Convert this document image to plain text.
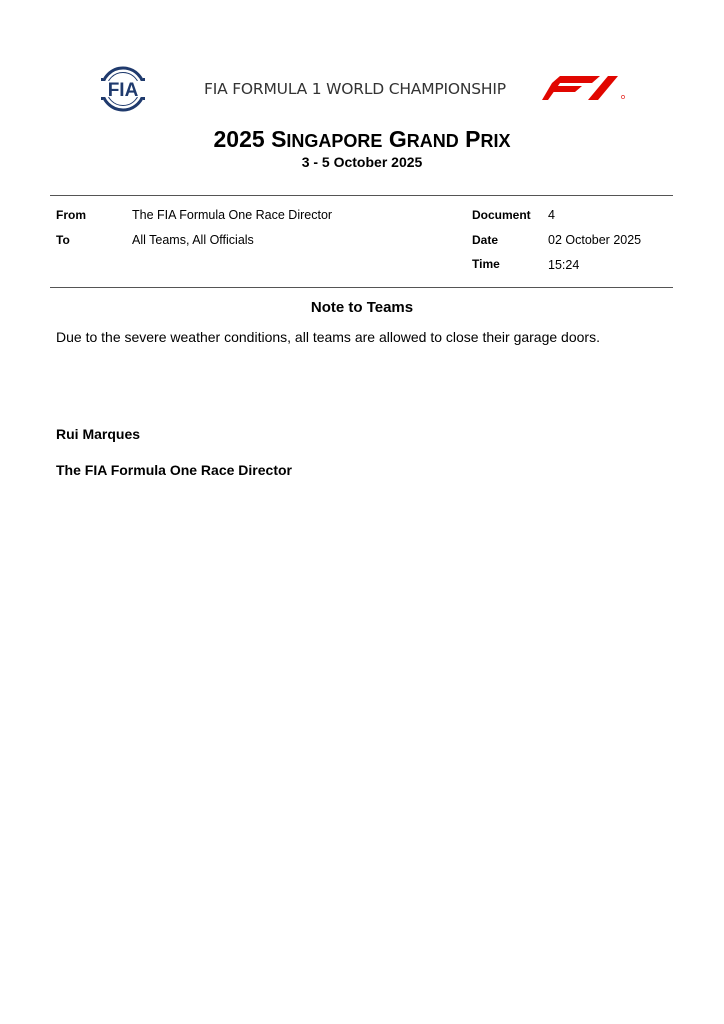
FIA	FIA FORMULA 1 WORLD CHAMPIONSHIP
2025 SINGAPORE GRAND PRIX
3 - 5 October 2025
From	The FIA Formula One Race Director
To	All Teams, All Officials
Document 4
Date	02 October 2025
Time	15:24
Note to Teams
Due to the severe weather conditions, all teams are allowed to close their garage doors.
Rui Marques
The FIA Formula One Race Director
